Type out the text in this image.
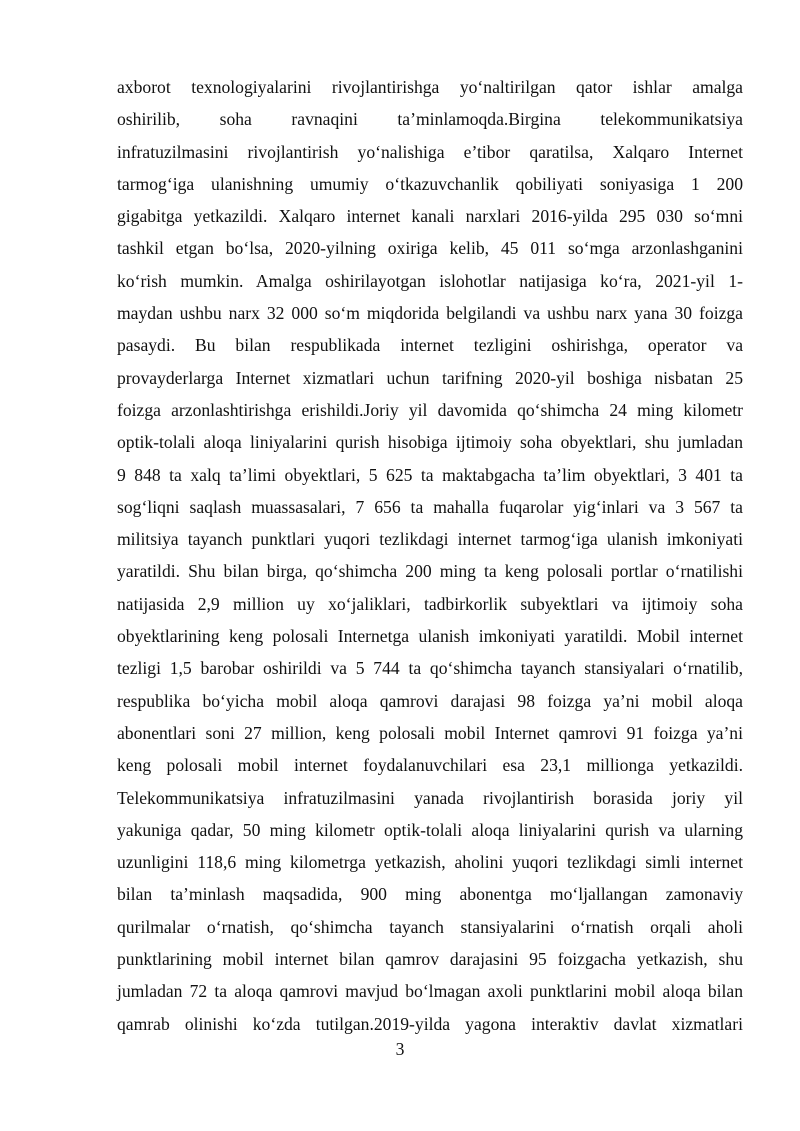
axborot texnologiyalarini rivojlantirishga yo‘naltirilgan qator ishlar amalga
oshirilib, soha ravnaqini ta’minlamoqda.Birgina telekommunikatsiya
infratuzilmasini rivojlantirish yo‘nalishiga e’tibor qaratilsa, Xalqaro Internet
tarmog‘iga ulanishning umumiy o‘tkazuvchanlik qobiliyati soniyasiga 1 200
gigabitga yetkazildi. Xalqaro internet kanali narxlari 2016-yilda 295 030 so‘mni
tashkil etgan bo‘lsa, 2020-yilning oxiriga kelib, 45 011 so‘mga arzonlashganini
ko‘rish mumkin. Amalga oshirilayotgan islohotlar natijasiga ko‘ra, 2021-yil 1-
maydan ushbu narx 32 000 so‘m miqdorida belgilandi va ushbu narx yana 30 foizga
pasaydi. Bu bilan respublikada internet tezligini oshirishga, operator va
provayderlarga Internet xizmatlari uchun tarifning 2020-yil boshiga nisbatan 25
foizga arzonlashtirishga erishildi.Joriy yil davomida qo‘shimcha 24 ming kilometr
optik-tolali aloqa liniyalarini qurish hisobiga ijtimoiy soha obyektlari, shu jumladan
9 848 ta xalq ta’limi obyektlari, 5 625 ta maktabgacha ta’lim obyektlari, 3 401 ta
sog‘liqni saqlash muassasalari, 7 656 ta mahalla fuqarolar yig‘inlari va 3 567 ta
militsiya tayanch punktlari yuqori tezlikdagi internet tarmog‘iga ulanish imkoniyati
yaratildi. Shu bilan birga, qo‘shimcha 200 ming ta keng polosali portlar o‘rnatilishi
natijasida 2,9 million uy xo‘jaliklari, tadbirkorlik subyektlari va ijtimoiy soha
obyektlarining keng polosali Internetga ulanish imkoniyati yaratildi. Mobil internet
tezligi 1,5 barobar oshirildi va 5 744 ta qo‘shimcha tayanch stansiyalari o‘rnatilib,
respublika bo‘yicha mobil aloqa qamrovi darajasi 98 foizga ya’ni mobil aloqa
abonentlari soni 27 million, keng polosali mobil Internet qamrovi 91 foizga ya’ni
keng polosali mobil internet foydalanuvchilari esa 23,1 millionga yetkazildi.
Telekommunikatsiya infratuzilmasini yanada rivojlantirish borasida joriy yil
yakuniga qadar, 50 ming kilometr optik-tolali aloqa liniyalarini qurish va ularning
uzunligini 118,6 ming kilometrga yetkazish, aholini yuqori tezlikdagi simli internet
bilan ta’minlash maqsadida, 900 ming abonentga mo‘ljallangan zamonaviy
qurilmalar o‘rnatish, qo‘shimcha tayanch stansiyalarini o‘rnatish orqali aholi
punktlarining mobil internet bilan qamrov darajasini 95 foizgacha yetkazish, shu
jumladan 72 ta aloqa qamrovi mavjud bo‘lmagan axoli punktlarini mobil aloqa bilan
qamrab olinishi ko‘zda tutilgan.2019-yilda yagona interaktiv davlat xizmatlari
3
